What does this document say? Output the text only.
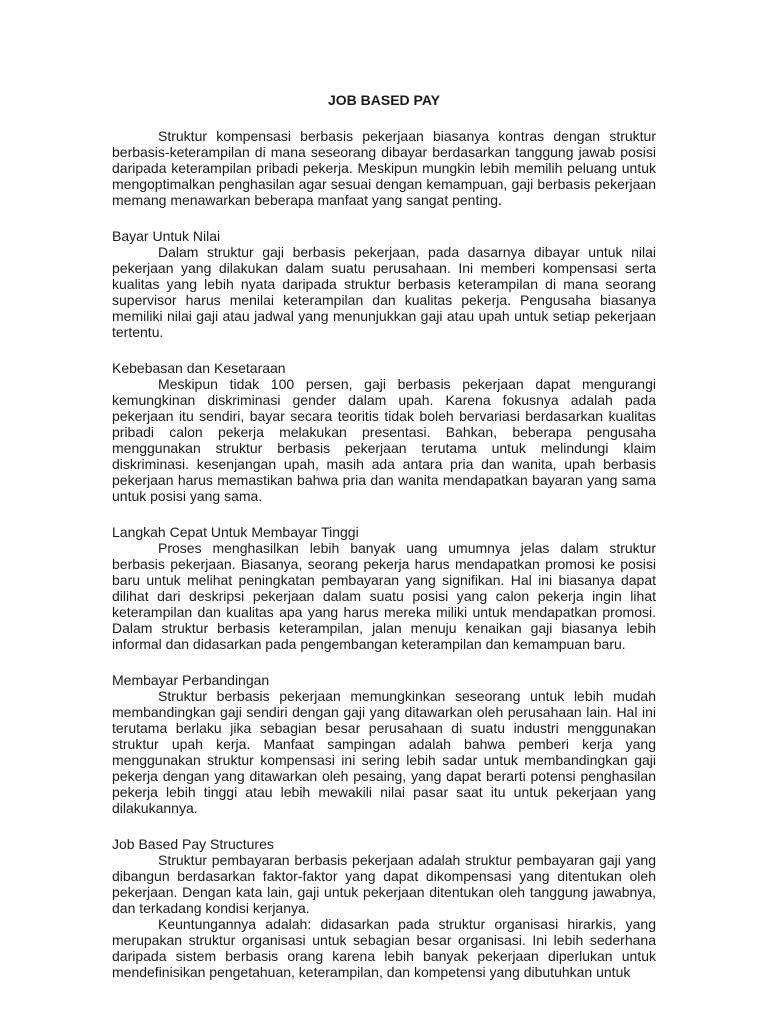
JOB BASED PAY

Struktur kompensasi berbasis pekerjaan biasanya kontras dengan struktur berbasis-keterampilan di mana seseorang dibayar berdasarkan tanggung jawab posisi daripada keterampilan pribadi pekerja. Meskipun mungkin lebih memilih peluang untuk mengoptimalkan penghasilan agar sesuai dengan kemampuan, gaji berbasis pekerjaan memang menawarkan beberapa manfaat yang sangat penting.

Bayar Untuk Nilai

Dalam struktur gaji berbasis pekerjaan, pada dasarnya dibayar untuk nilai pekerjaan yang dilakukan dalam suatu perusahaan. Ini memberi kompensasi serta kualitas yang lebih nyata daripada struktur berbasis keterampilan di mana seorang supervisor harus menilai keterampilan dan kualitas pekerja. Pengusaha biasanya memiliki nilai gaji atau jadwal yang menunjukkan gaji atau upah untuk setiap pekerjaan tertentu.

Kebebasan dan Kesetaraan

Meskipun tidak 100 persen, gaji berbasis pekerjaan dapat mengurangi kemungkinan diskriminasi gender dalam upah. Karena fokusnya adalah pada pekerjaan itu sendiri, bayar secara teoritis tidak boleh bervariasi berdasarkan kualitas pribadi calon pekerja melakukan presentasi. Bahkan, beberapa pengusaha menggunakan struktur berbasis pekerjaan terutama untuk melindungi klaim diskriminasi. kesenjangan upah, masih ada antara pria dan wanita, upah berbasis pekerjaan harus memastikan bahwa pria dan wanita mendapatkan bayaran yang sama untuk posisi yang sama.

Langkah Cepat Untuk Membayar Tinggi

Proses menghasilkan lebih banyak uang umumnya jelas dalam struktur berbasis pekerjaan. Biasanya, seorang pekerja harus mendapatkan promosi ke posisi baru untuk melihat peningkatan pembayaran yang signifikan. Hal ini biasanya dapat dilihat dari deskripsi pekerjaan dalam suatu posisi yang calon pekerja ingin lihat keterampilan dan kualitas apa yang harus mereka miliki untuk mendapatkan promosi. Dalam struktur berbasis keterampilan, jalan menuju kenaikan gaji biasanya lebih informal dan didasarkan pada pengembangan keterampilan dan kemampuan baru.

Membayar Perbandingan

Struktur berbasis pekerjaan memungkinkan seseorang untuk lebih mudah membandingkan gaji sendiri dengan gaji yang ditawarkan oleh perusahaan lain. Hal ini terutama berlaku jika sebagian besar perusahaan di suatu industri menggunakan struktur upah kerja. Manfaat sampingan adalah bahwa pemberi kerja yang menggunakan struktur kompensasi ini sering lebih sadar untuk membandingkan gaji pekerja dengan yang ditawarkan oleh pesaing, yang dapat berarti potensi penghasilan pekerja lebih tinggi atau lebih mewakili nilai pasar saat itu untuk pekerjaan yang dilakukannya.

Job Based Pay Structures

Struktur pembayaran berbasis pekerjaan adalah struktur pembayaran gaji yang dibangun berdasarkan faktor-faktor yang dapat dikompensasi yang ditentukan oleh pekerjaan. Dengan kata lain, gaji untuk pekerjaan ditentukan oleh tanggung jawabnya, dan terkadang kondisi kerjanya.

Keuntungannya adalah: didasarkan pada struktur organisasi hirarkis, yang merupakan struktur organisasi untuk sebagian besar organisasi. Ini lebih sederhana daripada sistem berbasis orang karena lebih banyak pekerjaan diperlukan untuk mendefinisikan pengetahuan, keterampilan, dan kompetensi yang dibutuhkan untuk
